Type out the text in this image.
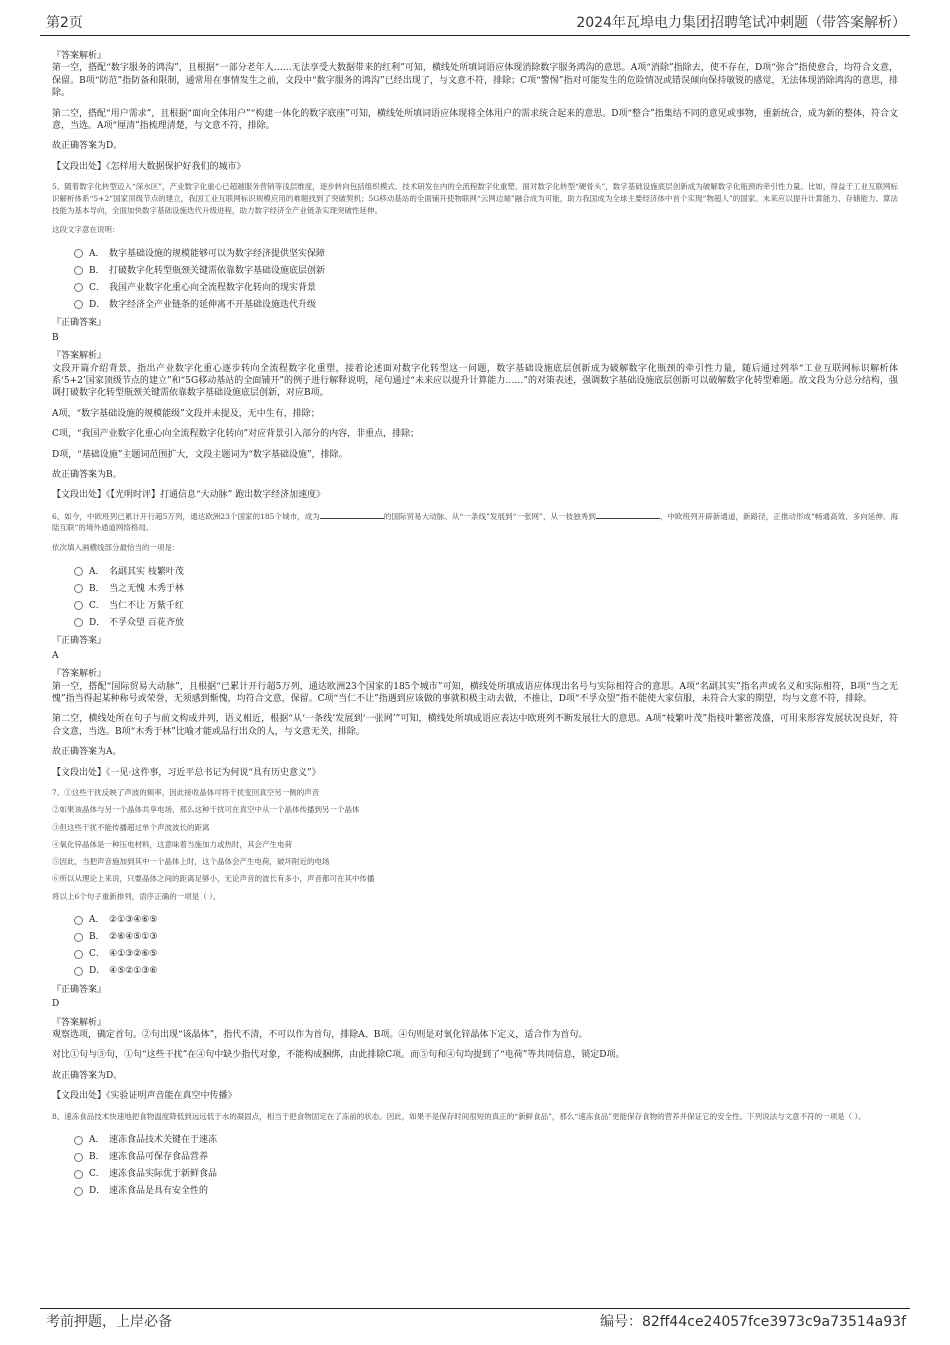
第2页	2024年瓦埠电力集团招聘笔试冲刺题（带答案解析）
『答案解析』
第一空，搭配“数字服务的鸿沟”，且根据“一部分老年人……无法享受大数据带来的红利”可知，横线处所填词语应体现消除数字服务鸿沟的意思。A项“消除”指除去，使不存在，D项“弥合”指使愈合，均符合文意，保留。B项“防范”指防备和限制，通常用在事情发生之前，文段中“数字服务的鸿沟”已经出现了，与文意不符，排除；C项“警惕”指对可能发生的危险情况或错误倾向保持敏锐的感觉，无法体现消除鸿沟的意思，排除。
第二空，搭配“用户需求”，且根据“面向全体用户”“构建一体化的数字底座”可知，横线处所填词语应体现将全体用户的需求统合起来的意思。D项“整合”指集结不同的意见或事物，重新统合，成为新的整体，符合文意，当选。A项“厘清”指梳理清楚，与文意不符，排除。
故正确答案为D。
【文段出处】《怎样用大数据保护好我们的城市》
5、随着数字化转型迈入“深水区”，产业数字化重心已超越服务营销等浅层维度，逐步转向包括组织模式、技术研发在内的全流程数字化重塑。面对数字化转型“硬骨头”，数字基础设施底层创新成为破解数字化瓶颈的牵引性力量。比如，得益于工业互联网标识解析体系“5+2”国家顶级节点的建立，我国工业互联网标识规模应用的难题找到了突破契机；5G移动基站的全面铺开使物联网“云网边端”融合成为可能，助力我国成为全球主要经济体中首个实现“物超人”的国家。未来应以提升计算能力、存储能力、算法技能为基本导向，全面加快数字基础设施迭代升级进程，助力数字经济全产业链条实现突破性延伸。
这段文字意在说明：
A． 数字基础设施的规模能够可以为数字经济提供坚实保障
B． 打破数字化转型瓶颈关键需依靠数字基础设施底层创新
C． 我国产业数字化重心向全流程数字化转向的现实背景
D． 数字经济全产业链条的延伸离不开基础设施迭代升级
『正确答案』
B
『答案解析』
文段开篇介绍背景，指出产业数字化重心逐步转向全流程数字化重塑，接着论述面对数字化转型这一问题，数字基础设施底层创新成为破解数字化瓶颈的牵引性力量，随后通过列举“工业互联网标识解析体系‘5+2’国家顶级节点的建立”和“5G移动基站的全面铺开”的例子进行解释说明，尾句通过“未来应以提升计算能力……”的对策表述，强调数字基础设施底层创新可以破解数字化转型难题。故文段为分总分结构，强调打破数字化转型瓶颈关键需依靠数字基础设施底层创新，对应B项。
A项，“数字基础设施的规模能级”文段并未提及，无中生有，排除；
C项，“我国产业数字化重心向全流程数字化转向”对应背景引入部分的内容，非重点，排除；
D项，“基础设施”主题词范围扩大，文段主题词为“数字基础设施”，排除。
故正确答案为B。
【文段出处】《【光明时评】打通信息“大动脉” 跑出数字经济加速度》
6、如今，中欧班列已累计开行超5万列，通达欧洲23个国家的185个城市，成为	的国际贸易大动脉。从“一条线”发展到“一张网”，从一枝独秀到	，中欧班列开辟新通道，新路径，正推动形成“畅通高效、多向延伸、海陆互联”的境外通道网络格局。
依次填入画横线部分最恰当的一项是：
A． 名副其实 枝繁叶茂
B． 当之无愧 木秀于林
C． 当仁不让 万紫千红
D． 不孚众望 百花齐放
『正确答案』
A
『答案解析』
第一空，搭配“国际贸易大动脉”，且根据“已累计开行超5万列，通达欧洲23个国家的185个城市”可知，横线处所填成语应体现出名号与实际相符合的意思。A项“名副其实”指名声或名义和实际相符，B项“当之无愧”指当得起某种称号或荣誉，无须感到惭愧，均符合文意，保留。C项“当仁不让”指遇到应该做的事就积极主动去做，不推让，D项“不孚众望”指不能使大家信服，未符合大家的期望，均与文意不符，排除。
第二空，横线处所在句子与前文构成并列，语义相近，根据“从‘一条线’发展到‘一张网’”可知，横线处所填成语应表达中欧班列不断发展壮大的意思。A项“枝繁叶茂”指枝叶繁密茂盛，可用来形容发展状况良好，符合文意，当选。B项“木秀于林”比喻才能或品行出众的人，与文意无关，排除。
故正确答案为A。
【文段出处】《一见·这件事，习近平总书记为何说“具有历史意义”》
7、①这些干扰反映了声波的频率，因此接收晶体可将干扰变回真空另一侧的声音
②如果该晶体与另一个晶体共享电场，那么这种干扰可在真空中从一个晶体传播到另一个晶体
③但这些干扰不能传播超过单个声波波长的距离
④氧化锌晶体是一种压电材料，这意味着当施加力或热时，其会产生电荷
⑤因此，当把声音施加到其中一个晶体上时，这个晶体会产生电荷，破坏附近的电场
⑥所以从理论上来说，只要晶体之间的距离足够小，无论声音的波长有多小，声音都可在其中传播
将以上6个句子重新排列，语序正确的一项是（ ）。
A． ②①③④⑥⑤
B． ②⑥④⑤①③
C． ④①③②⑥⑤
D． ④⑤②①③⑥
『正确答案』
D
『答案解析』
观察选项，确定首句。②句出现“该晶体”，指代不清，不可以作为首句，排除A、B项。④句则是对氧化锌晶体下定义，适合作为首句。
对比①句与⑤句，①句“这些干扰”在④句中缺少指代对象，不能构成捆绑，由此排除C项。而⑤句和④句均提到了“电荷”等共同信息，锁定D项。
故正确答案为D。
【文段出处】《实验证明声音能在真空中传播》
8、速冻食品技术快速地把食物温度降低到远远低于水的凝固点，相当于把食物固定在了冻前的状态。因此，如果不是保存时间很短的真正的“新鲜食品”，那么“速冻食品”更能保存食物的营养并保证它的安全性。下列说法与文意不符的一项是（ ）。
A． 速冻食品技术关键在于速冻
B． 速冻食品可保存食品营养
C． 速冻食品实际优于新鲜食品
D． 速冻食品是具有安全性的
考前押题，上岸必备	编号：82ff44ce24057fce3973c9a73514a93f
